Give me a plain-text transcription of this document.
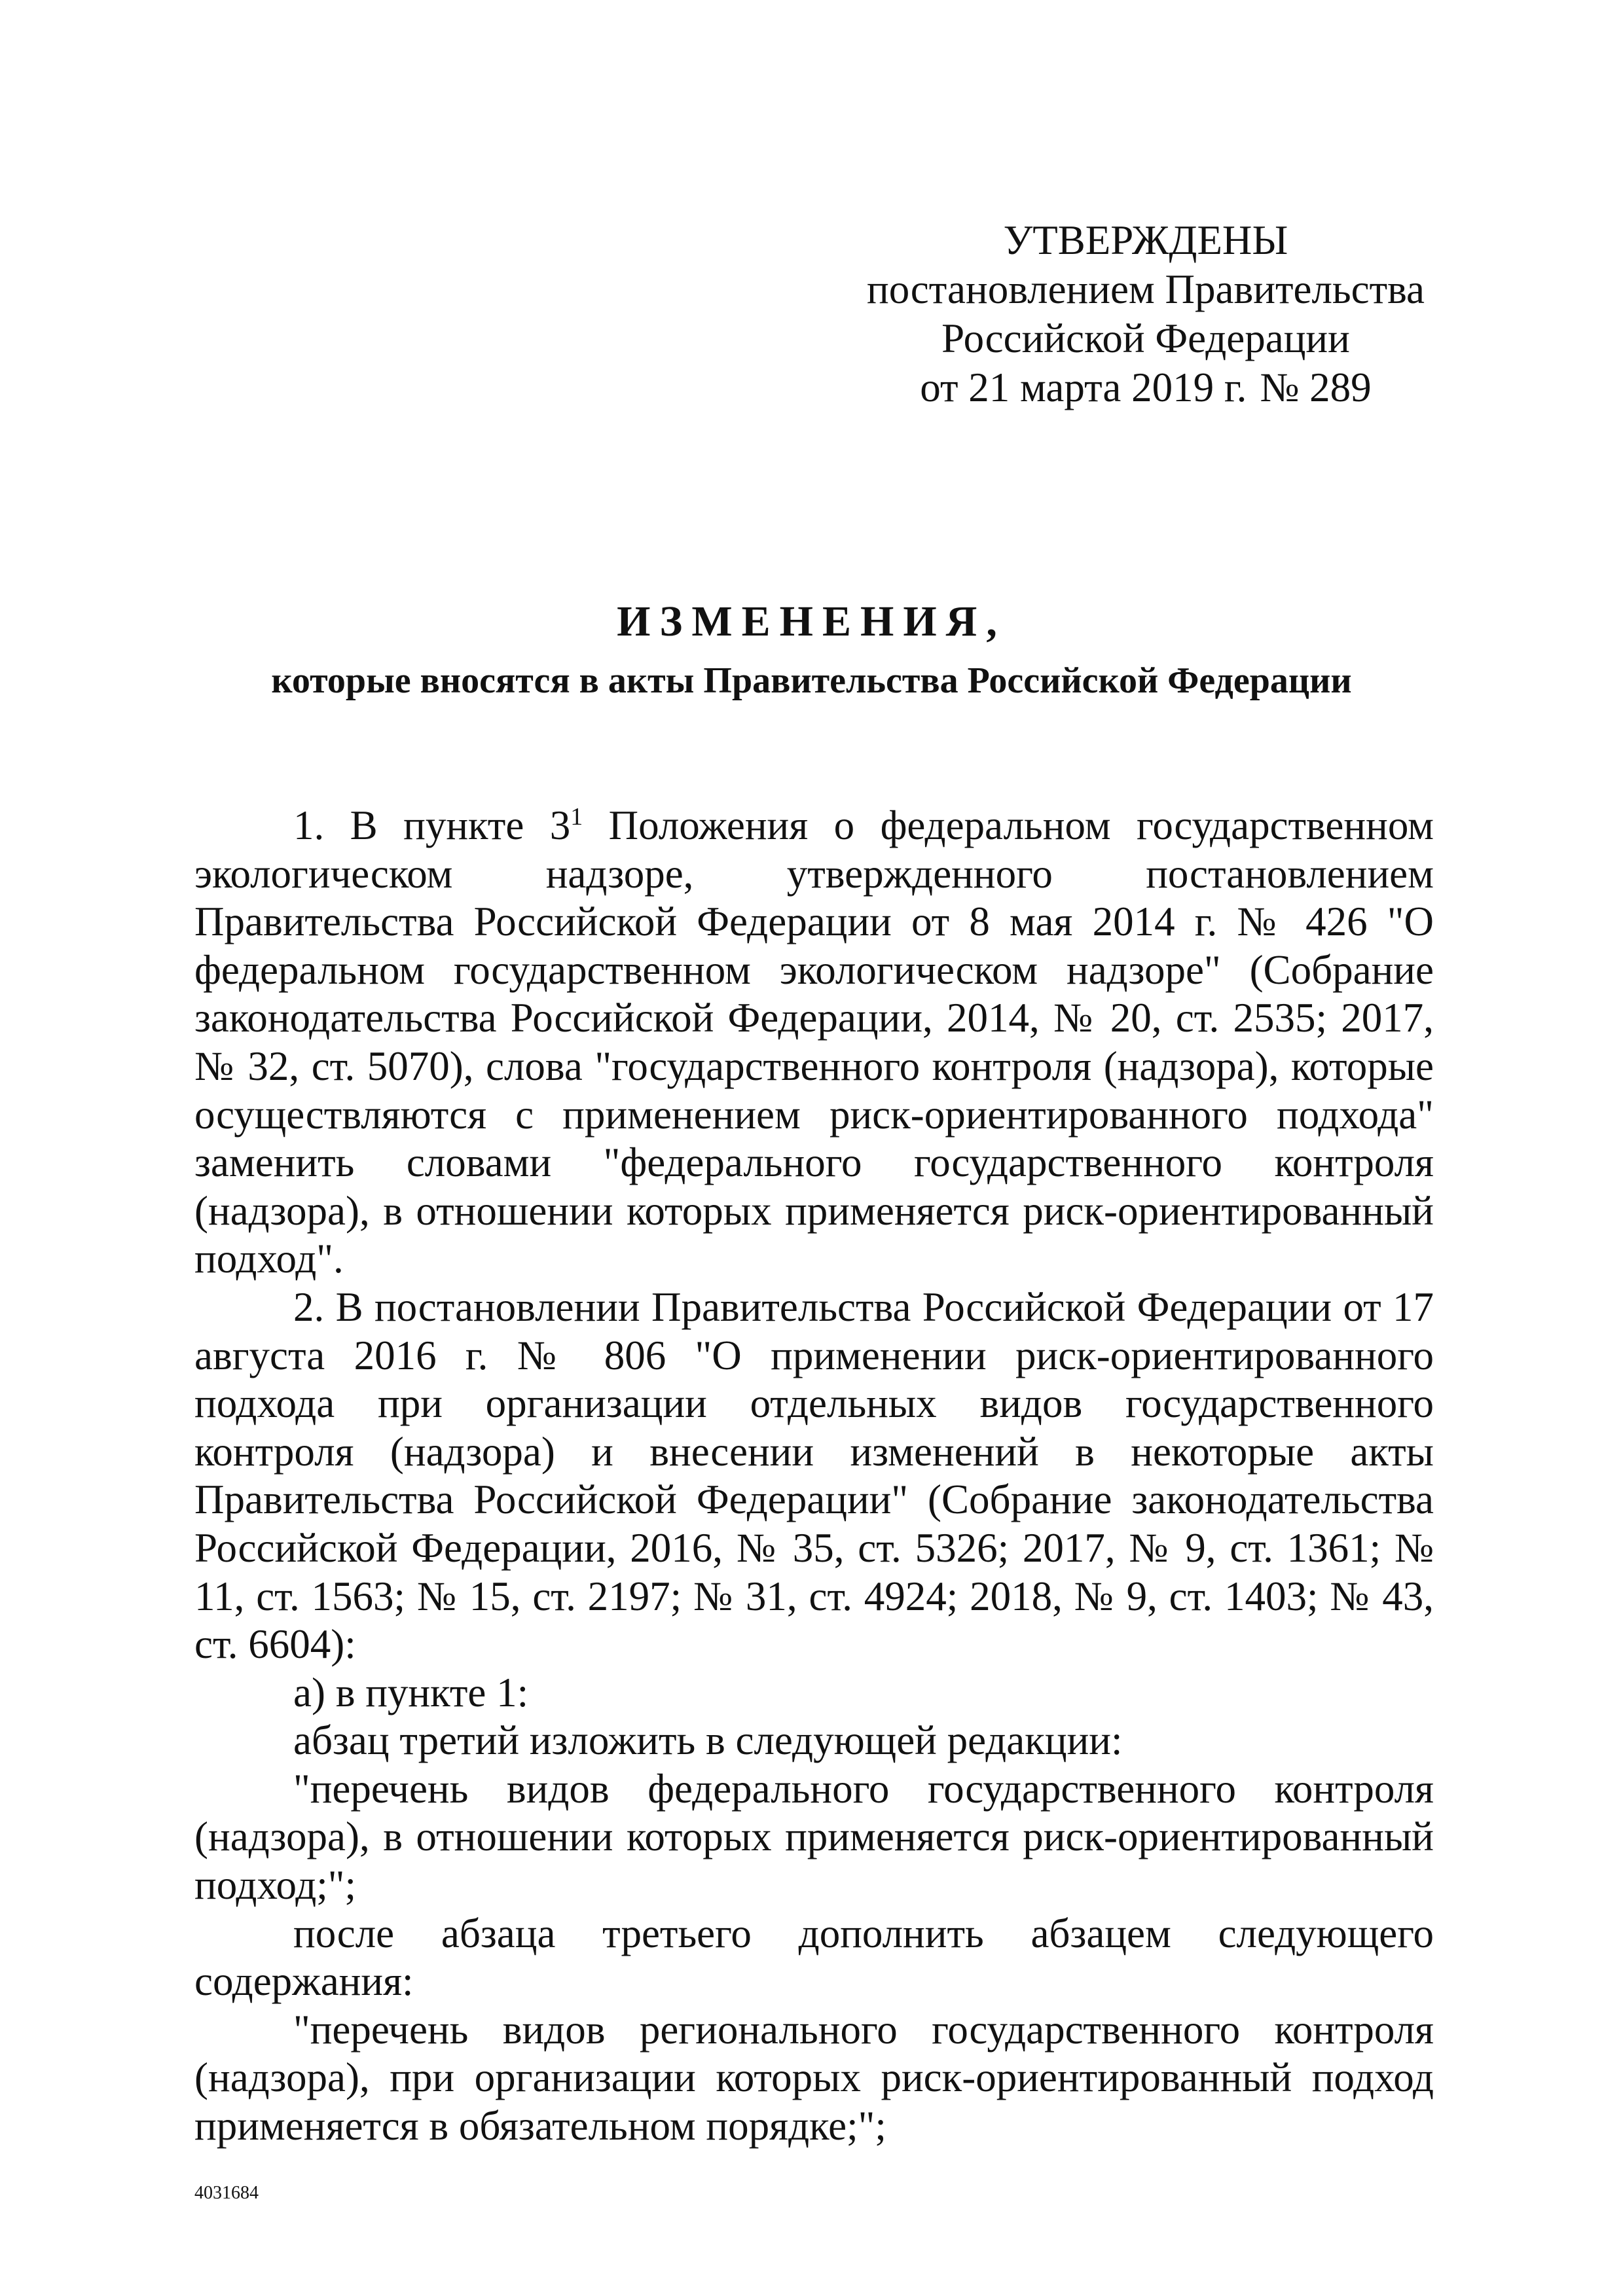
УТВЕРЖДЕНЫ
постановлением Правительства
Российской Федерации
от 21 марта 2019 г. № 289
ИЗМЕНЕНИЯ,
которые вносятся в акты Правительства Российской Федерации

1. В пункте $3^1$ Положения о федеральном государственном экологическом надзоре, утвержденного постановлением Правительства Российской Федерации от 8 мая 2014 г. № 426 "О федеральном государственном экологическом надзоре" (Собрание законодательства Российской Федерации, 2014, № 20, ст. 2535; 2017, № 32, ст. 5070), слова "государственного контроля (надзора), которые осуществляются с применением риск-ориентированного подхода" заменить словами "федерального государственного контроля (надзора), в отношении которых применяется риск-ориентированный подход".

2. В постановлении Правительства Российской Федерации от 17 августа 2016 г. № 806 "О применении риск-ориентированного подхода при организации отдельных видов государственного контроля (надзора) и внесении изменений в некоторые акты Правительства Российской Федерации" (Собрание законодательства Российской Федерации, 2016, № 35, ст. 5326; 2017, № 9, ст. 1361; № 11, ст. 1563; № 15, ст. 2197; № 31, ст. 4924; 2018, № 9, ст. 1403; № 43, ст. 6604):

а) в пункте 1:

абзац третий изложить в следующей редакции:

"перечень видов федерального государственного контроля (надзора), в отношении которых применяется риск-ориентированный подход;";

после абзаца третьего дополнить абзацем следующего содержания:

"перечень видов регионального государственного контроля (надзора), при организации которых риск-ориентированный подход применяется в обязательном порядке;";

4031684
